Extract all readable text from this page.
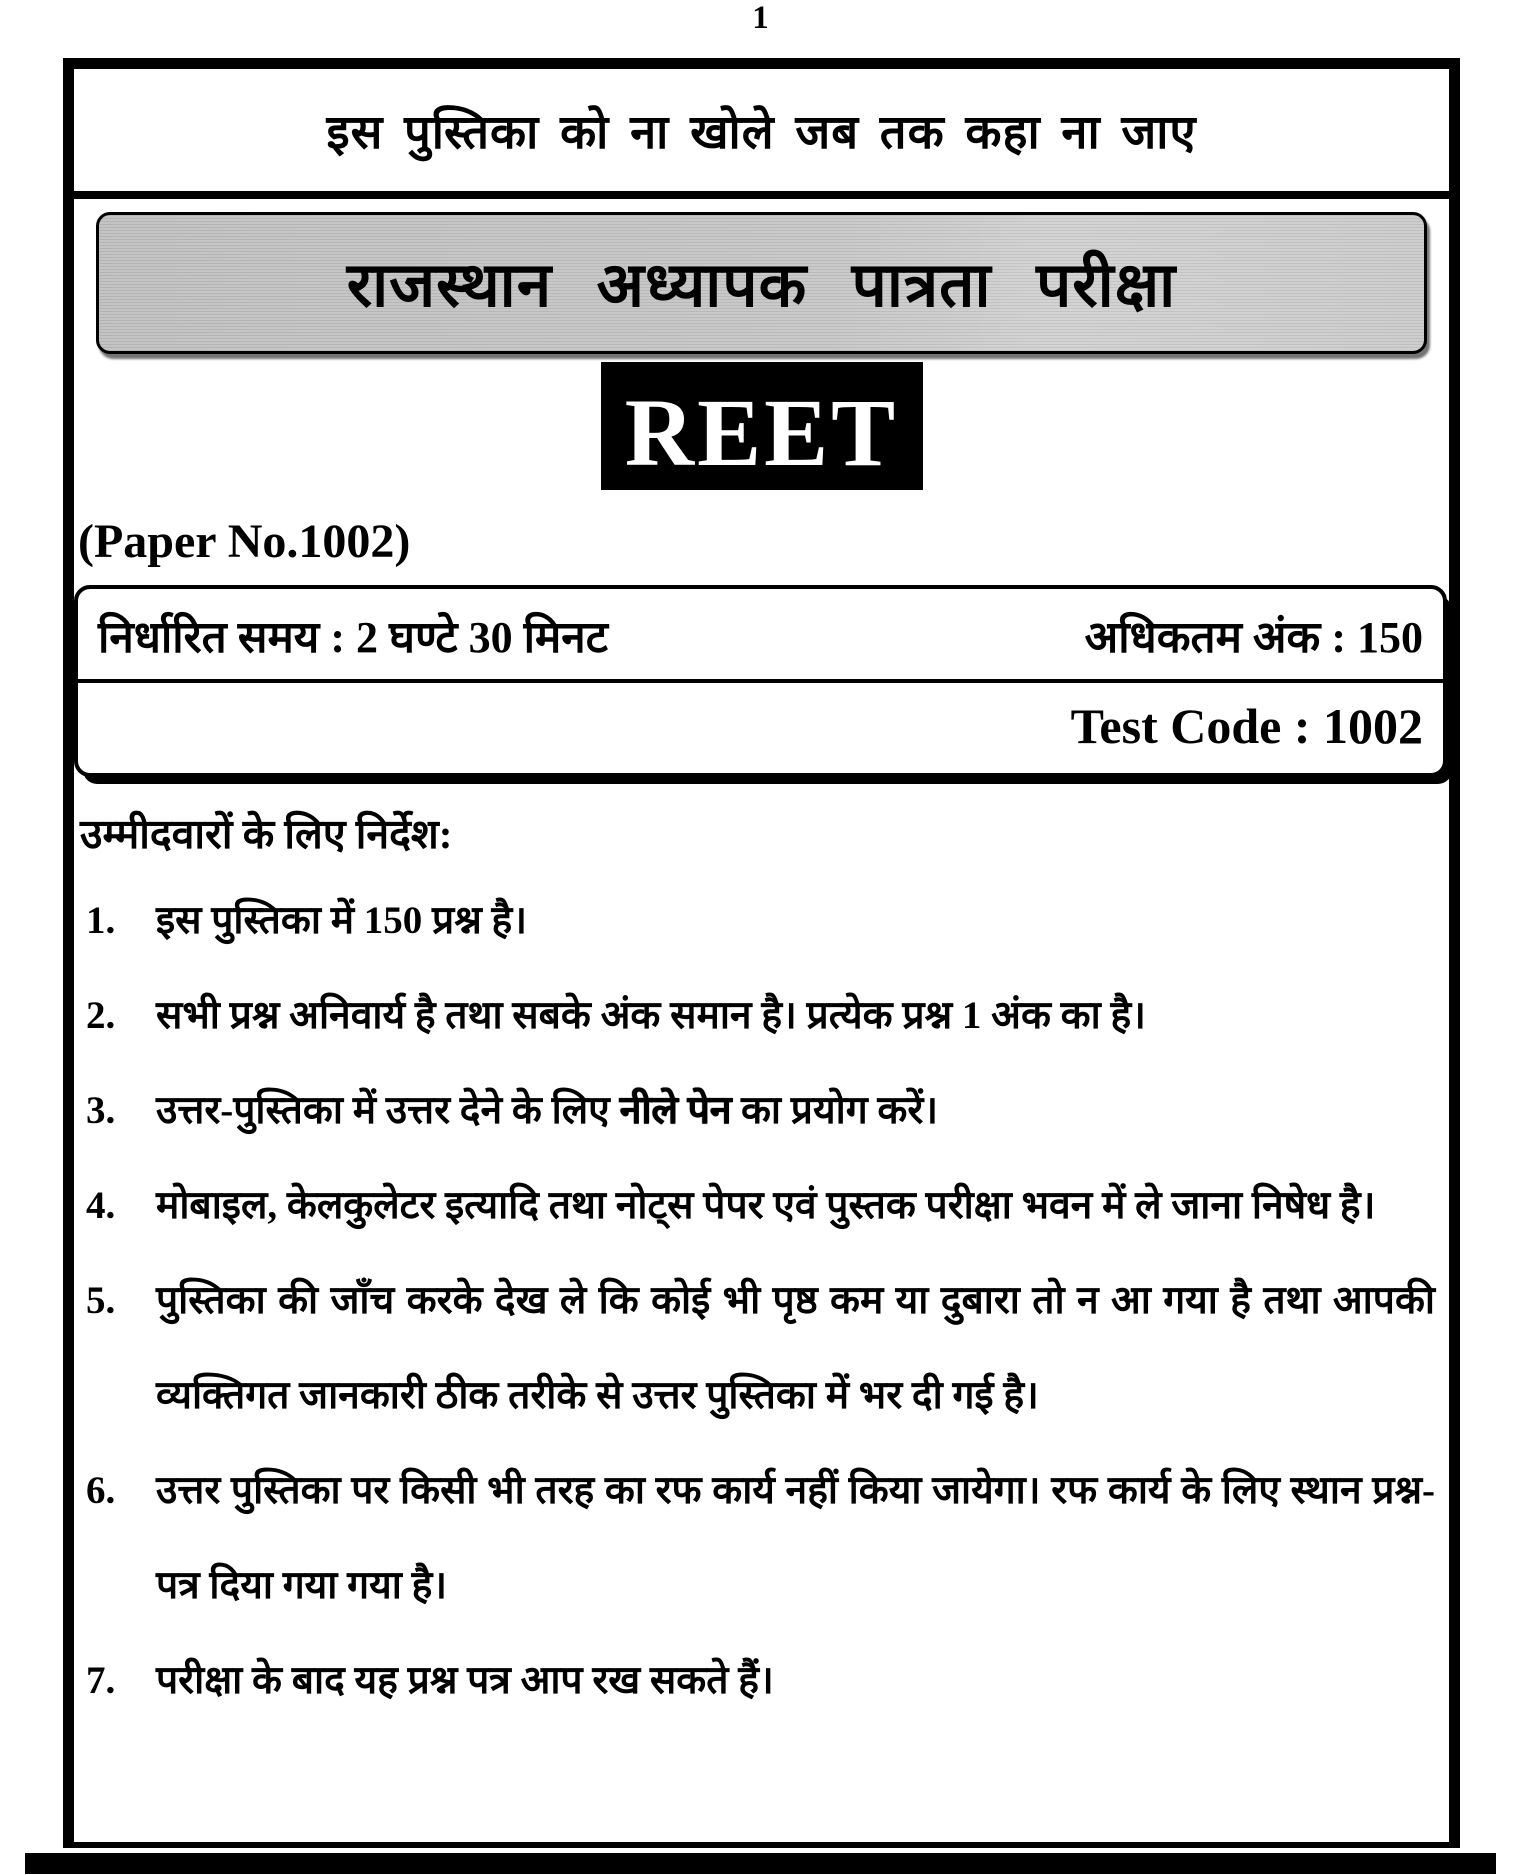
1
इस पुस्तिका को ना खोले जब तक कहा ना जाए
राजस्थान अध्यापक पात्रता परीक्षा
REET
(Paper No.1002)
निर्धारित समय : 2 घण्टे 30 मिनट	अधिकतम अंक : 150
Test Code : 1002
उम्मीदवारों के लिए निर्देश:
1.	इस पुस्तिका में 150 प्रश्न है।
2.	सभी प्रश्न अनिवार्य है तथा सबके अंक समान है। प्रत्येक प्रश्न 1 अंक का है।
3.	उत्तर-पुस्तिका में उत्तर देने के लिए नीले पेन का प्रयोग करें।
4.	मोबाइल, केलकुलेटर इत्यादि तथा नोट्स पेपर एवं पुस्तक परीक्षा भवन में ले जाना निषेध है।
5.	पुस्तिका की जाँच करके देख ले कि कोई भी पृष्ठ कम या दुबारा तो न आ गया है तथा आपकी व्यक्तिगत जानकारी ठीक तरीके से उत्तर पुस्तिका में भर दी गई है।
6.	उत्तर पुस्तिका पर किसी भी तरह का रफ कार्य नहीं किया जायेगा। रफ कार्य के लिए स्थान प्रश्न-पत्र दिया गया गया है।
7.	परीक्षा के बाद यह प्रश्न पत्र आप रख सकते हैं।
